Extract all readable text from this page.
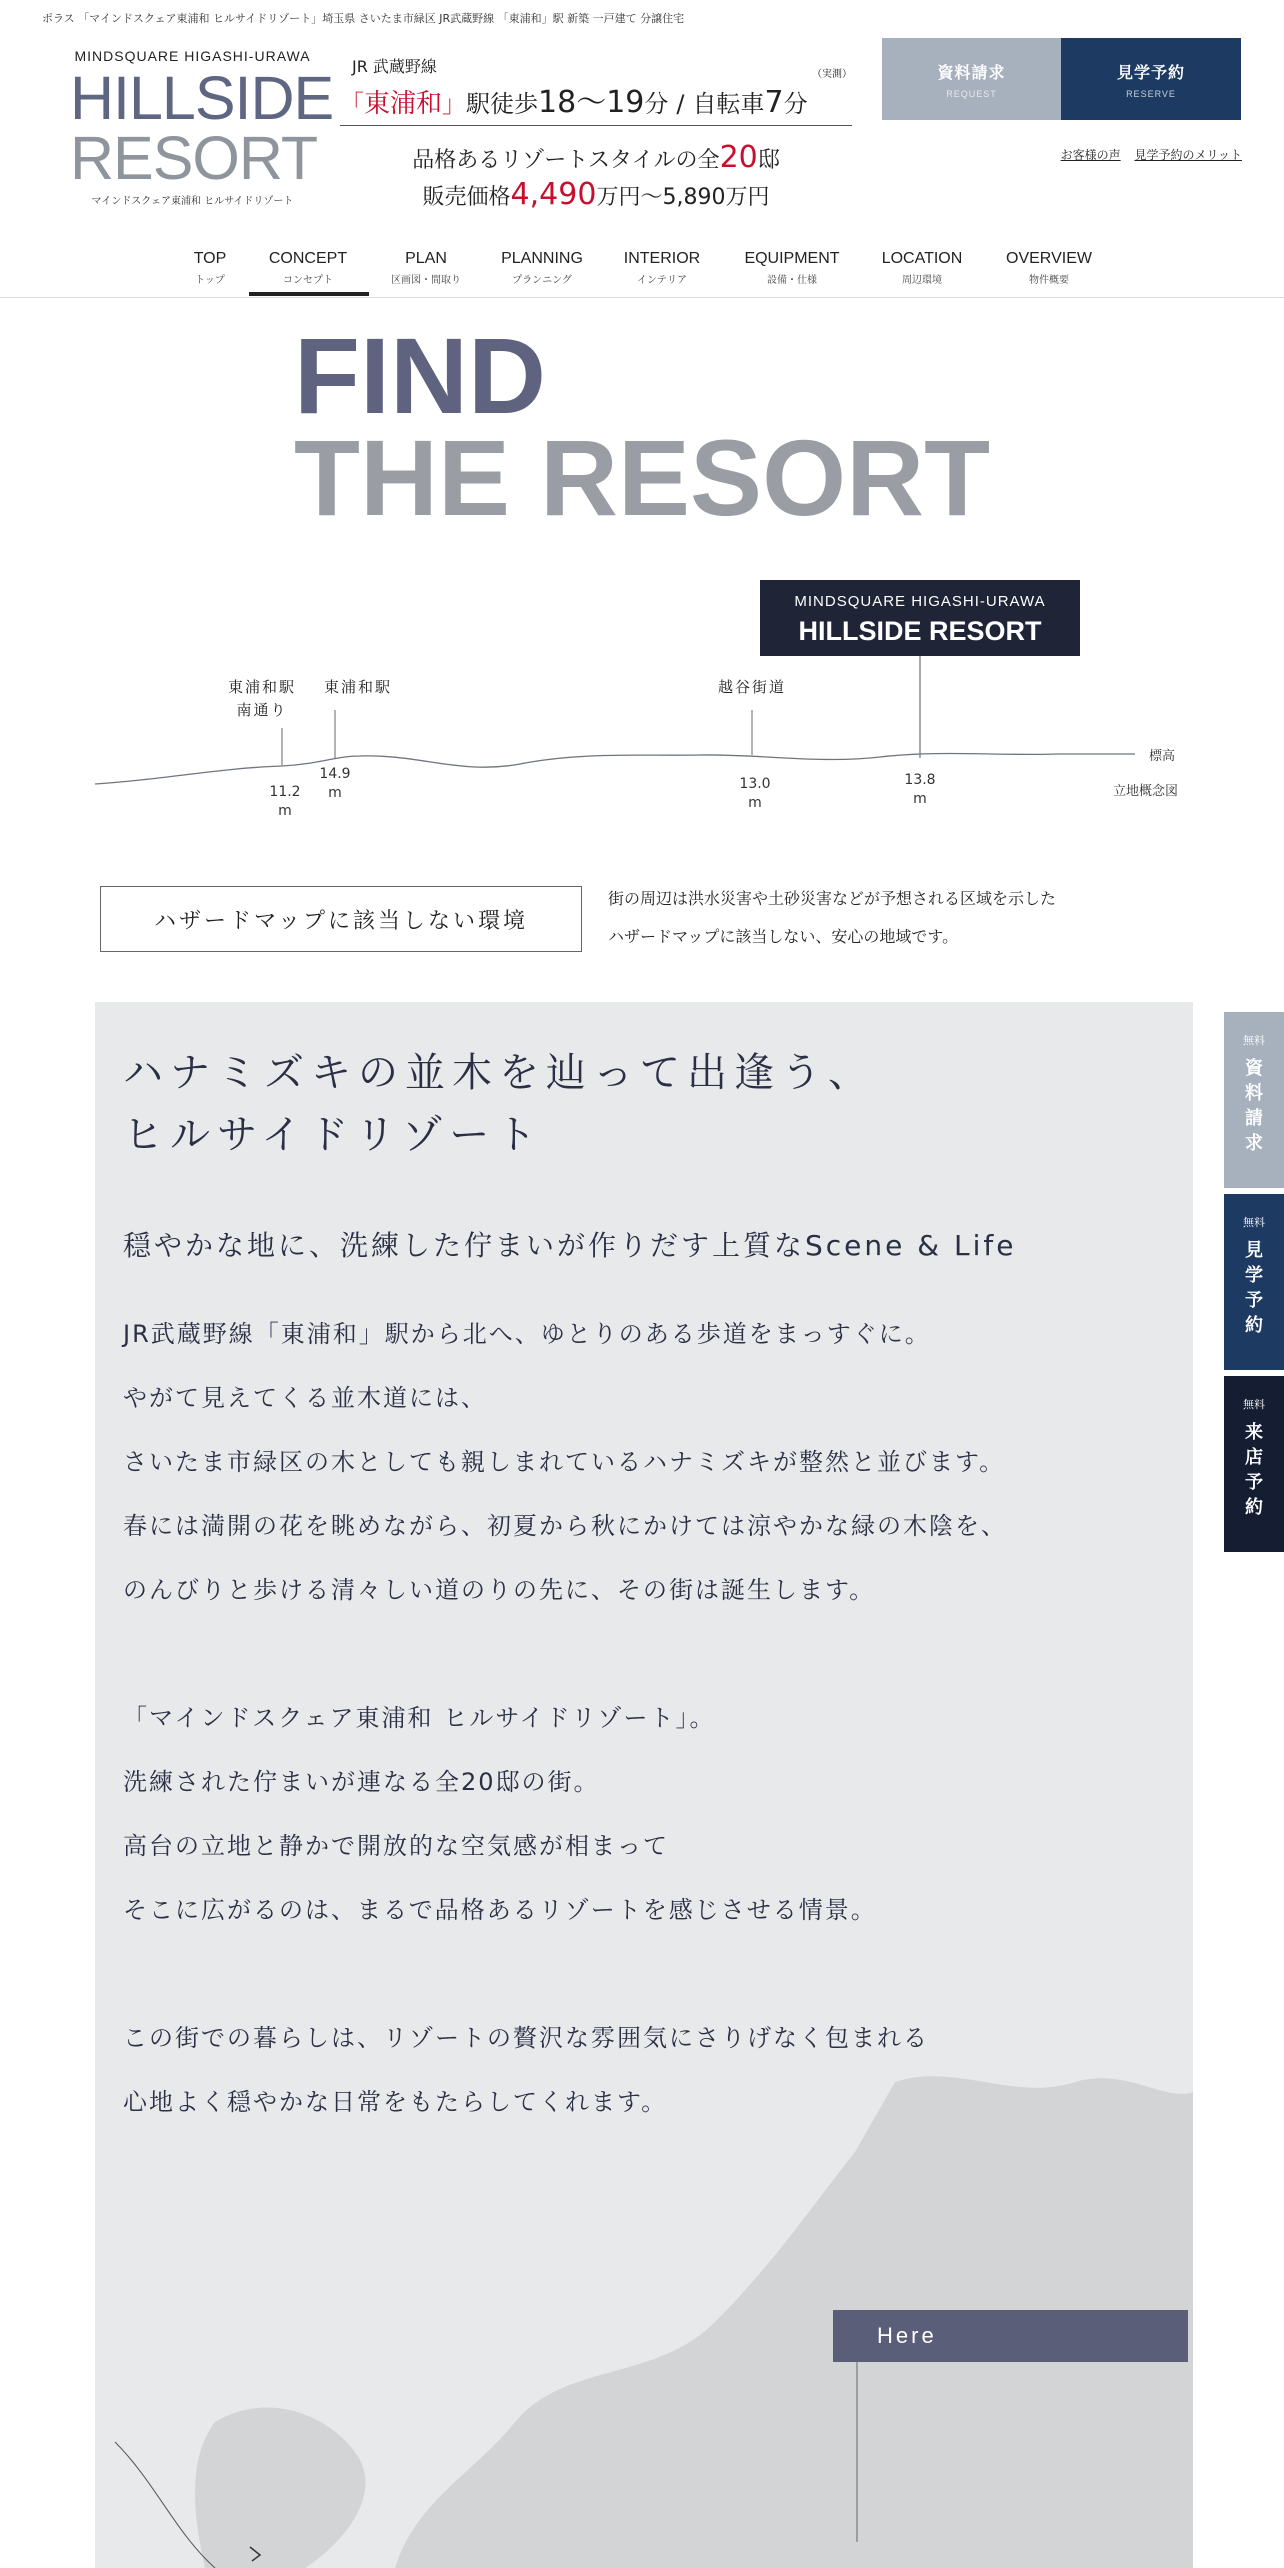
ポラス 「マインドスクェア東浦和 ヒルサイドリゾート」埼玉県 さいたま市緑区 JR武蔵野線 「東浦和」駅 新築 一戸建て 分譲住宅
MINDSQUARE HIGASHI-URAWA
HILLSIDE
RESORT
マインドスクェア東浦和 ヒルサイドリゾート
JR 武蔵野線
「 東浦和 」 駅徒歩 18〜19 分 / 自転車 7 分
（実測）
品格あるリゾートスタイルの全20邸
販売価格4,490万円〜5,890万円
資料請求
REQUEST
見学予約
RESERVE
お客様の声 見学予約のメリット
TOP
トップ
CONCEPT
コンセプト
PLAN
区画図・間取り
PLANNING
プランニング
INTERIOR
インテリア
EQUIPMENT
設備・仕様
LOCATION
周辺環境
OVERVIEW
物件概要
FIND
THE RESORT
MINDSQUARE HIGASHI-URAWA
HILLSIDE RESORT
東浦和駅
南通り
東浦和駅	越谷街道
11.2
m
14.9
m
13.0
m
13.8
m
標高
立地概念図
ハザードマップに該当しない環境
街の周辺は洪水災害や土砂災害などが予想される区域を示した
ハザードマップに該当しない、安心の地域です。
ハナミズキの並木を辿って出逢う、
ヒルサイドリゾート
穏やかな地に、洗練した佇まいが作りだす上質なScene & Life

JR武蔵野線「東浦和」駅から北へ、ゆとりのある歩道をまっすぐに。

やがて見えてくる並木道には、

さいたま市緑区の木としても親しまれているハナミズキが整然と並びます。

春には満開の花を眺めながら、初夏から秋にかけては涼やかな緑の木陰を、

のんびりと歩ける清々しい道のりの先に、その街は誕生します。

「マインドスクェア東浦和 ヒルサイドリゾート」。

洗練された佇まいが連なる全20邸の街。

高台の立地と静かで開放的な空気感が相まって

そこに広がるのは、まるで品格あるリゾートを感じさせる情景。

この街での暮らしは、リゾートの贅沢な雰囲気にさりげなく包まれる

心地よく穏やかな日常をもたらしてくれます。

Here
無料
資料請求
無料
見学予約
無料
来店予約
